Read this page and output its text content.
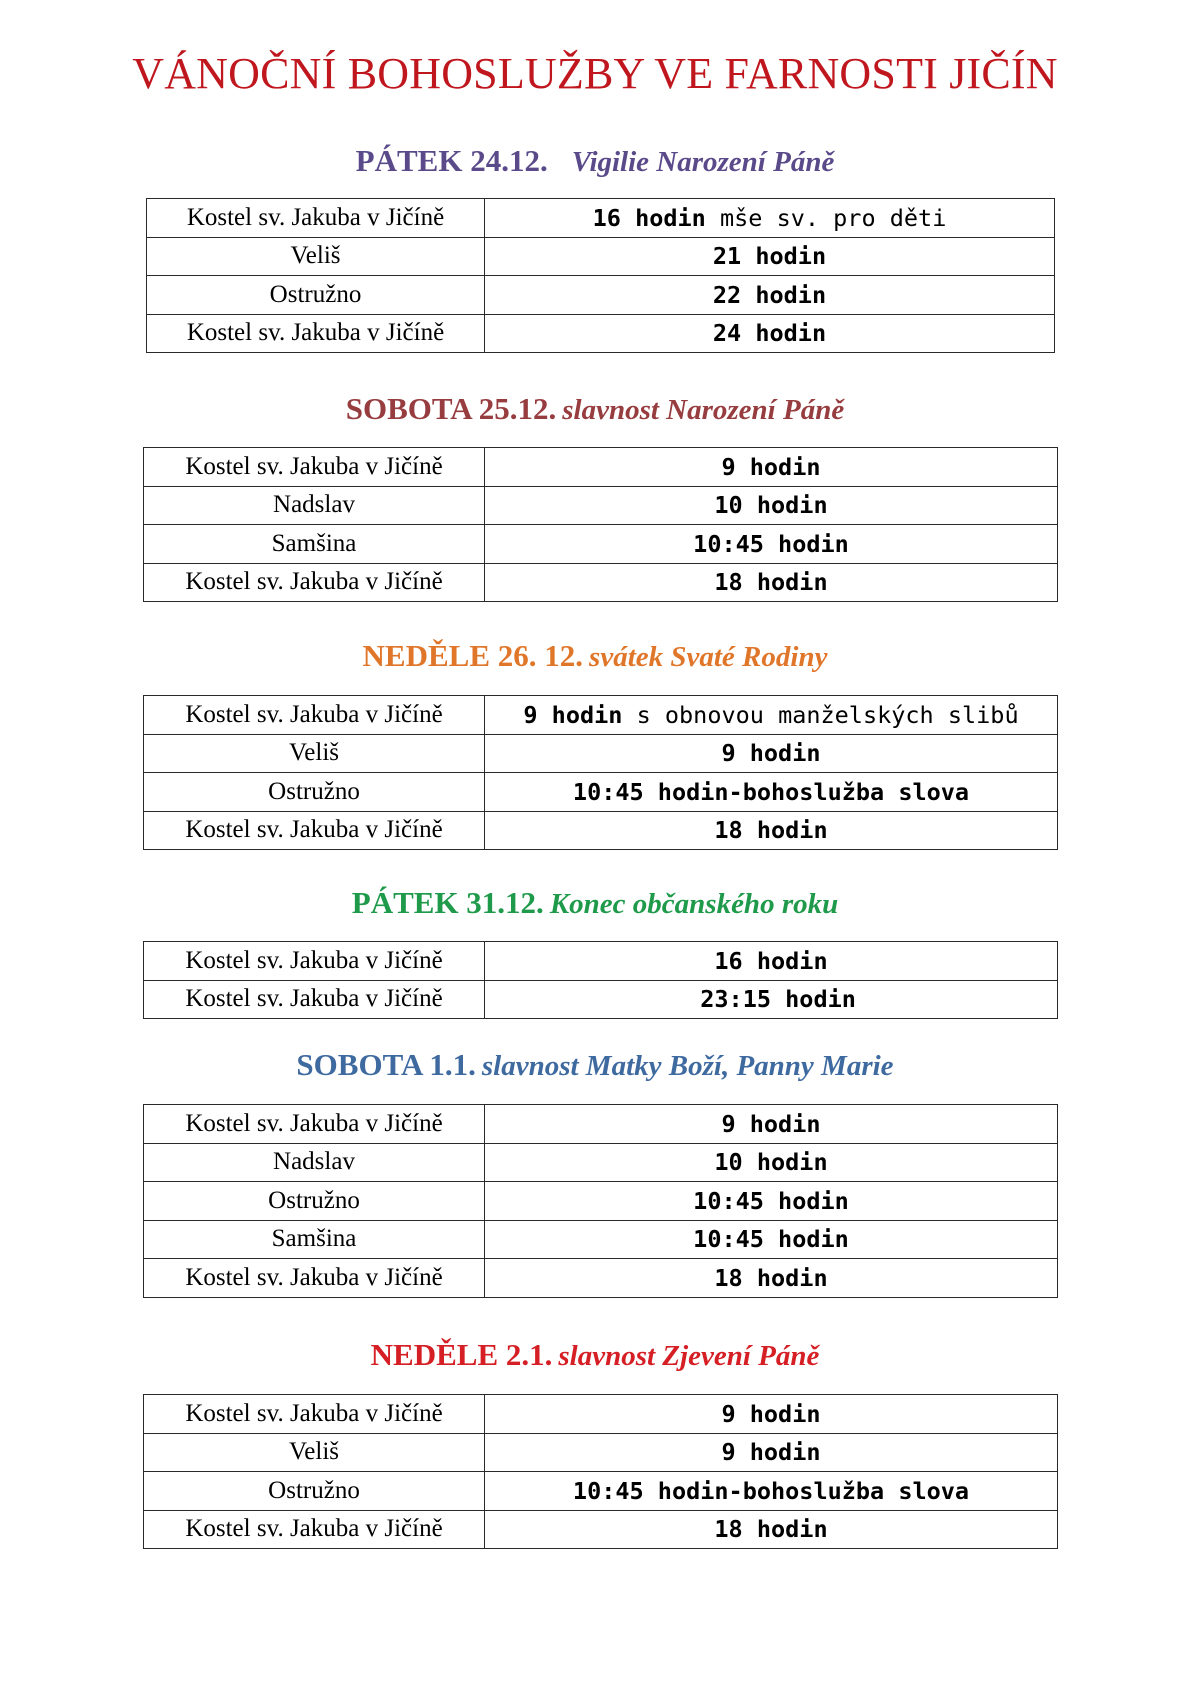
VÁNOČNÍ BOHOSLUŽBY VE FARNOSTI JIČÍN
PÁTEK 24.12. Vigilie Narození Páně
Kostel sv. Jakuba v Jičíně	16 hodin mše sv. pro děti
Veliš	21 hodin
Ostružno	22 hodin
Kostel sv. Jakuba v Jičíně	24 hodin
SOBOTA 25.12. slavnost Narození Páně
Kostel sv. Jakuba v Jičíně	9 hodin
Nadslav	10 hodin
Samšina	10:45 hodin
Kostel sv. Jakuba v Jičíně	18 hodin
NEDĚLE 26. 12. svátek Svaté Rodiny
Kostel sv. Jakuba v Jičíně	9 hodin s obnovou manželských slibů
Veliš	9 hodin
Ostružno	10:45 hodin-bohoslužba slova
Kostel sv. Jakuba v Jičíně	18 hodin
PÁTEK 31.12. Konec občanského roku
Kostel sv. Jakuba v Jičíně	16 hodin
Kostel sv. Jakuba v Jičíně	23:15 hodin
SOBOTA 1.1. slavnost Matky Boží, Panny Marie
Kostel sv. Jakuba v Jičíně	9 hodin
Nadslav	10 hodin
Ostružno	10:45 hodin
Samšina	10:45 hodin
Kostel sv. Jakuba v Jičíně	18 hodin
NEDĚLE 2.1. slavnost Zjevení Páně
Kostel sv. Jakuba v Jičíně	9 hodin
Veliš	9 hodin
Ostružno	10:45 hodin-bohoslužba slova
Kostel sv. Jakuba v Jičíně	18 hodin
